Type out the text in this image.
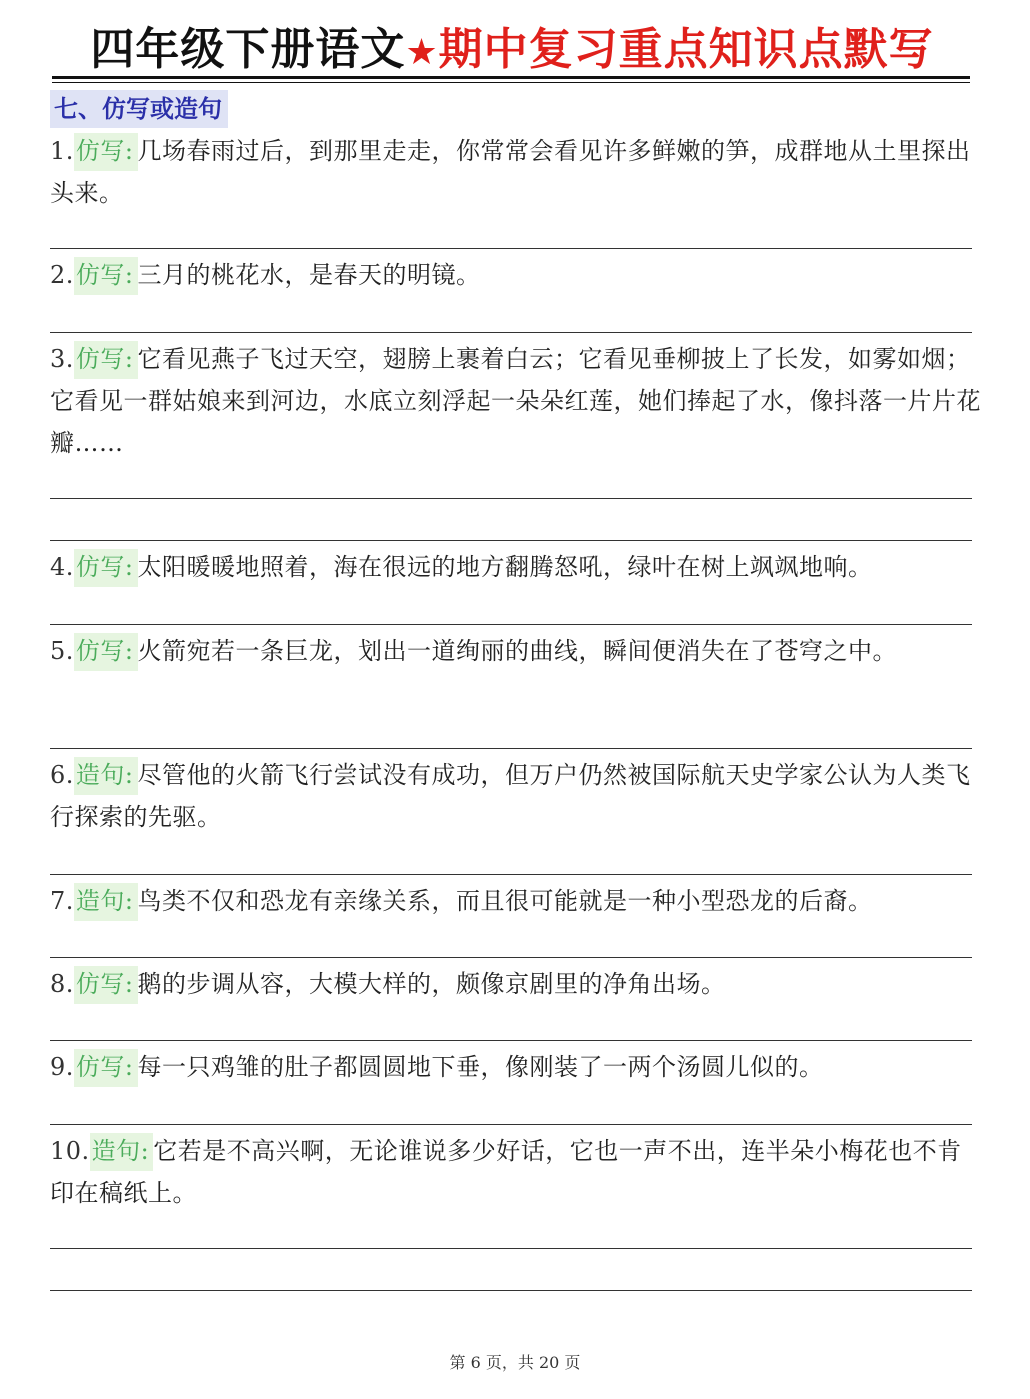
四年级下册语文★期中复习重点知识点默写
七、仿写或造句
1.仿写: 几场春雨过后，到那里走走，你常常会看见许多鲜嫩的笋，成群地从土里探出头来。
2.仿写: 三月的桃花水，是春天的明镜。
3.仿写: 它看见燕子飞过天空，翅膀上裹着白云；它看见垂柳披上了长发，如雾如烟；它看见一群姑娘来到河边，水底立刻浮起一朵朵红莲，她们捧起了水，像抖落一片片花瓣……
4.仿写: 太阳暖暖地照着，海在很远的地方翻腾怒吼，绿叶在树上飒飒地响。
5.仿写: 火箭宛若一条巨龙，划出一道绚丽的曲线，瞬间便消失在了苍穹之中。
6.造句: 尽管他的火箭飞行尝试没有成功，但万户仍然被国际航天史学家公认为人类飞行探索的先驱。
7.造句: 鸟类不仅和恐龙有亲缘关系，而且很可能就是一种小型恐龙的后裔。
8.仿写: 鹅的步调从容，大模大样的，颇像京剧里的净角出场。
9.仿写: 每一只鸡雏的肚子都圆圆地下垂，像刚装了一两个汤圆儿似的。
10.造句: 它若是不高兴啊，无论谁说多少好话，它也一声不出，连半朵小梅花也不肯印在稿纸上。
第 6 页，共 20 页
